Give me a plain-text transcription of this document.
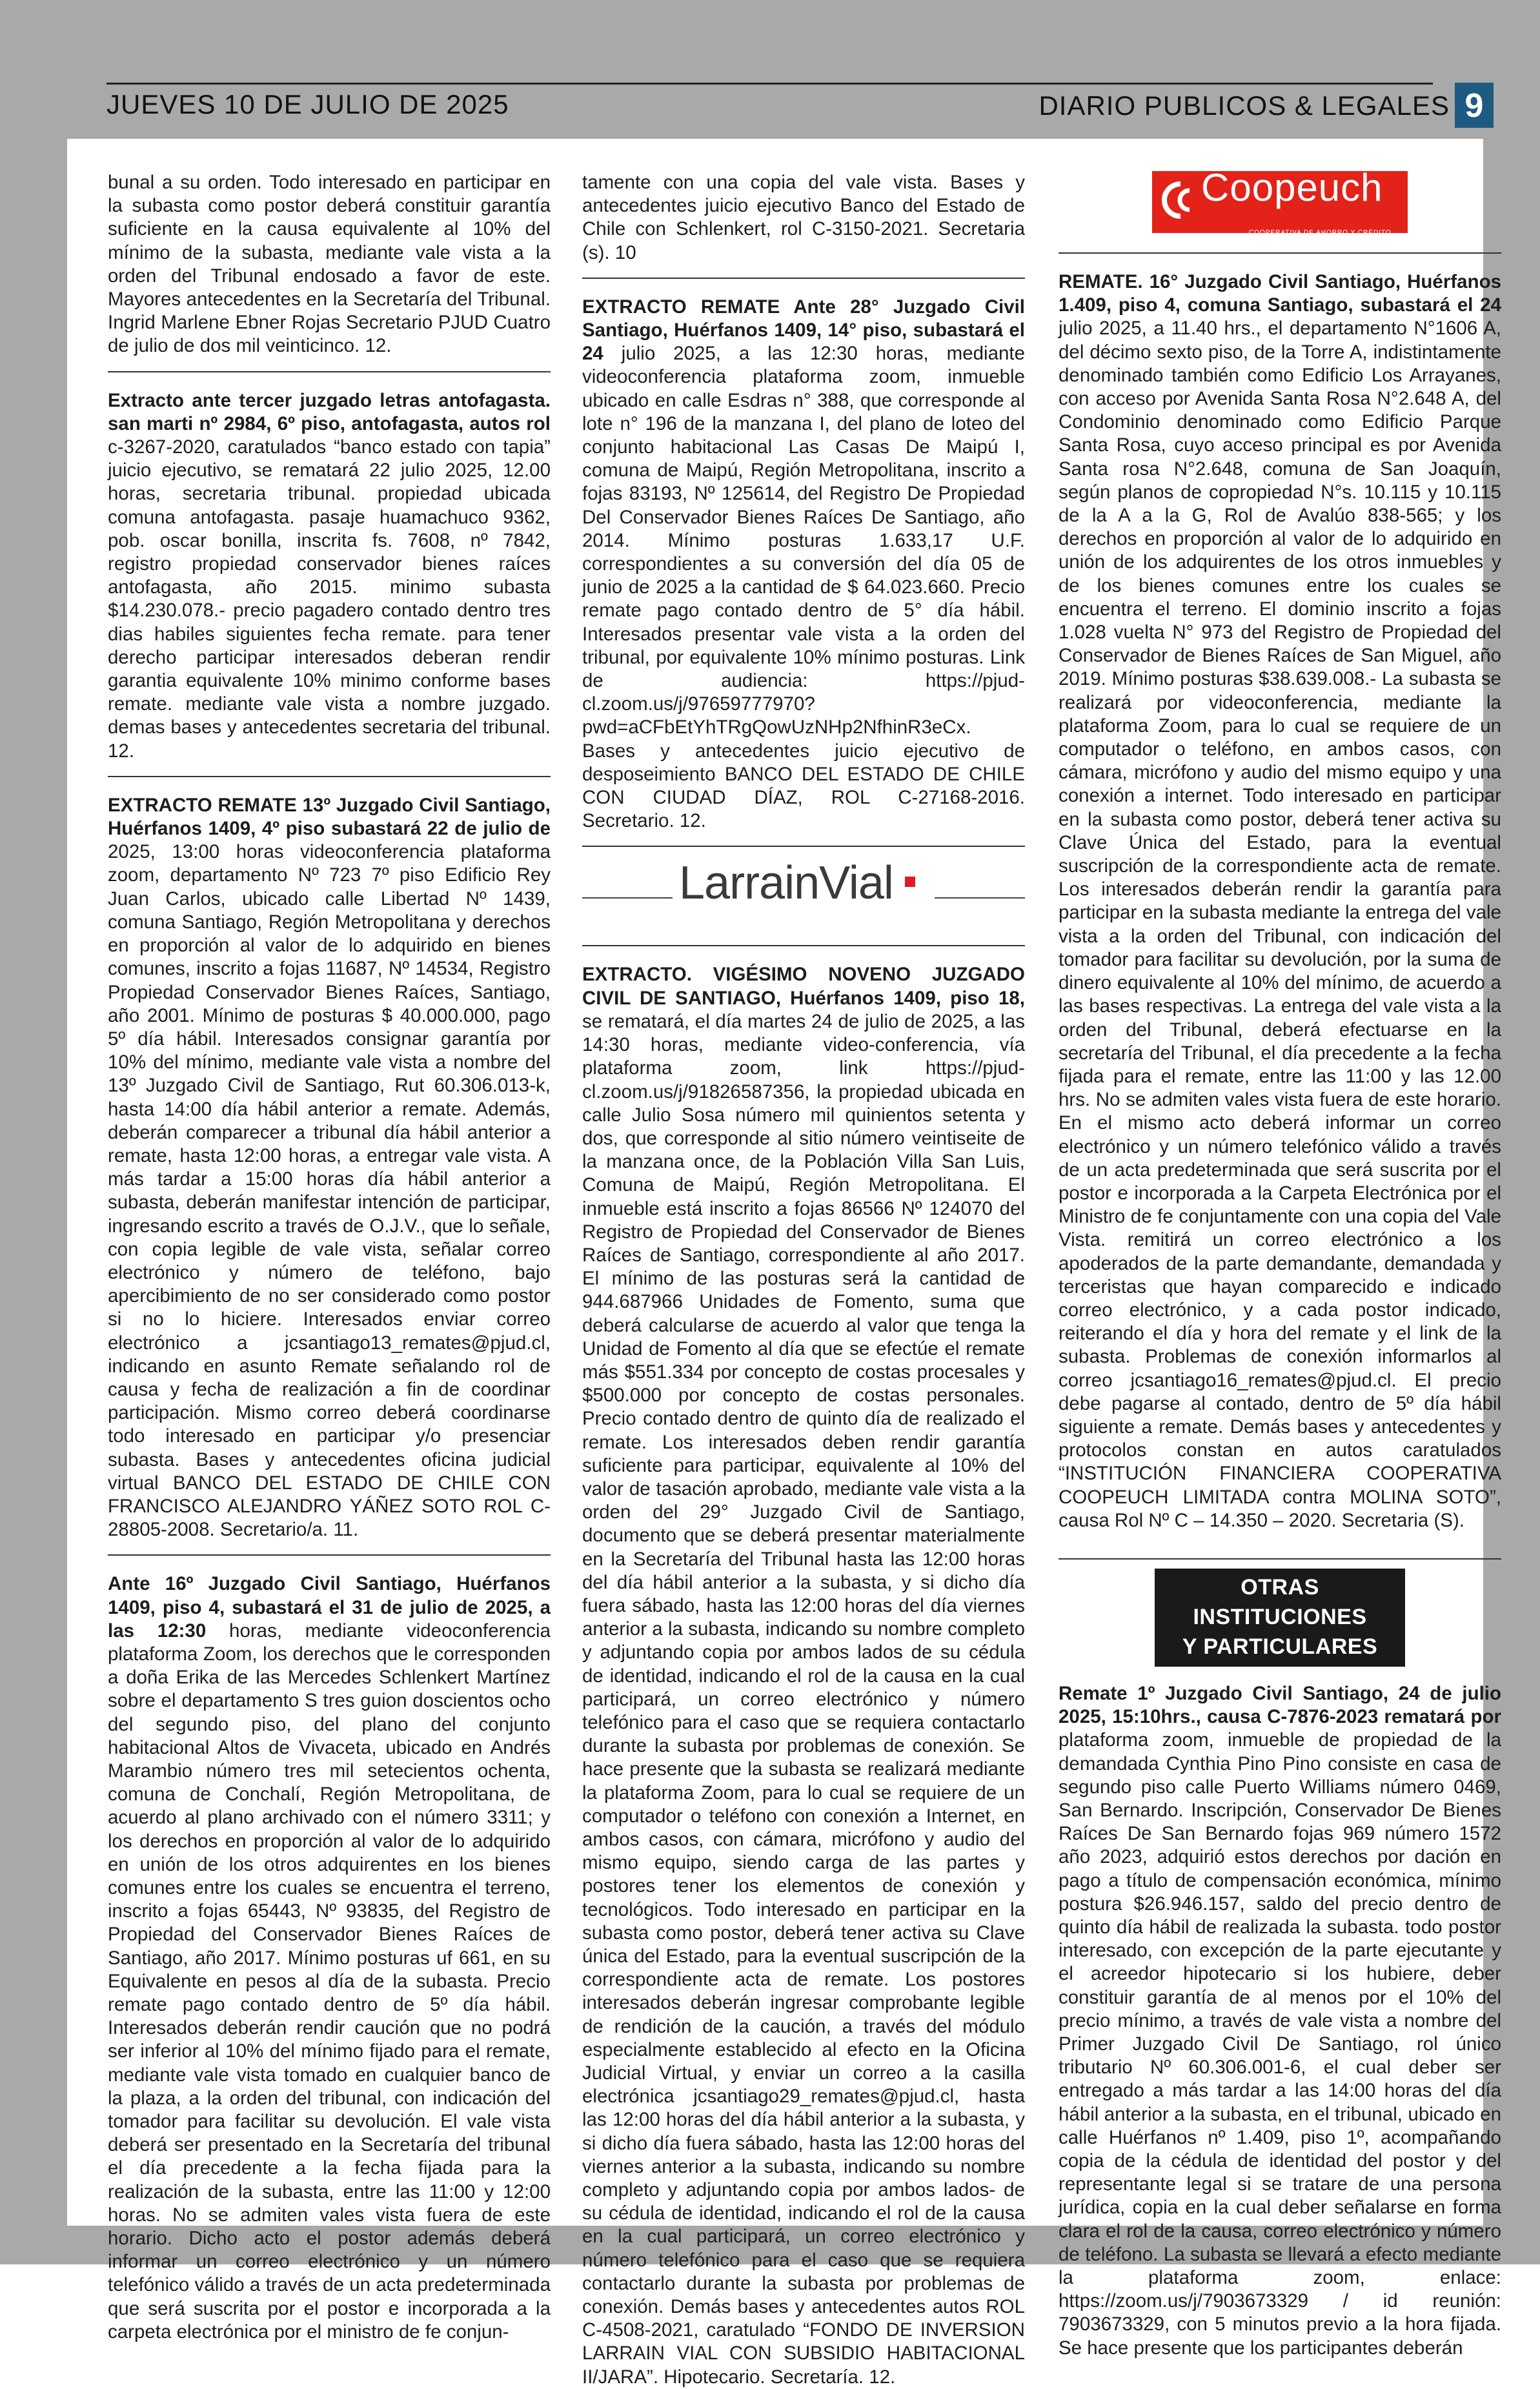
JUEVES 10 DE JULIO DE 2025	DIARIO PUBLICOS & LEGALES 9

bunal a su orden. Todo interesado en participar en la subasta como postor deberá constituir garantía suficiente en la causa equivalente al 10% del mínimo de la subasta, mediante vale vista a la orden del Tribunal endosado a favor de este. Mayores antecedentes en la Secretaría del Tribunal. Ingrid Marlene Ebner Rojas Secretario PJUD Cuatro de julio de dos mil veinticinco. 12.

Extracto ante tercer juzgado letras antofagasta. san marti nº 2984, 6º piso, antofagasta, autos rol c-3267-2020, caratulados “banco estado con tapia” juicio ejecutivo, se rematará 22 julio 2025, 12.00 horas, secretaria tribunal. propiedad ubicada comuna antofagasta. pasaje huamachuco 9362, pob. oscar bonilla, inscrita fs. 7608, nº 7842, registro propiedad conservador bienes raíces antofagasta, año 2015. minimo subasta $14.230.078.- precio pagadero contado dentro tres dias habiles siguientes fecha remate. para tener derecho participar interesados deberan rendir garantia equivalente 10% minimo conforme bases remate. mediante vale vista a nombre juzgado. demas bases y antecedentes secretaria del tribunal. 12.

EXTRACTO REMATE 13º Juzgado Civil Santiago, Huérfanos 1409, 4º piso subastará 22 de julio de 2025, 13:00 horas videoconferencia plataforma zoom, departamento Nº 723 7º piso Edificio Rey Juan Carlos, ubicado calle Libertad Nº 1439, comuna Santiago, Región Metropolitana y derechos en proporción al valor de lo adquirido en bienes comunes, inscrito a fojas 11687, Nº 14534, Registro Propiedad Conservador Bienes Raíces, Santiago, año 2001. Mínimo de posturas $ 40.000.000, pago 5º día hábil. Interesados consignar garantía por 10% del mínimo, mediante vale vista a nombre del 13º Juzgado Civil de Santiago, Rut 60.306.013-k, hasta 14:00 día hábil anterior a remate. Además, deberán comparecer a tribunal día hábil anterior a remate, hasta 12:00 horas, a entregar vale vista. A más tardar a 15:00 horas día hábil anterior a subasta, deberán manifestar intención de participar, ingresando escrito a través de O.J.V., que lo señale, con copia legible de vale vista, señalar correo electrónico y número de teléfono, bajo apercibimiento de no ser considerado como postor si no lo hiciere. Interesados enviar correo electrónico a jcsantiago13_remates@pjud.cl, indicando en asunto Remate señalando rol de causa y fecha de realización a fin de coordinar participación. Mismo correo deberá coordinarse todo interesado en participar y/o presenciar subasta. Bases y antecedentes oficina judicial virtual BANCO DEL ESTADO DE CHILE CON FRANCISCO ALEJANDRO YÁÑEZ SOTO ROL C-28805-2008. Secretario/a. 11.

Ante 16º Juzgado Civil Santiago, Huérfanos 1409, piso 4, subastará el 31 de julio de 2025, a las 12:30 horas, mediante videoconferencia plataforma Zoom, los derechos que le corresponden a doña Erika de las Mercedes Schlenkert Martínez sobre el departamento S tres guion doscientos ocho del segundo piso, del plano del conjunto habitacional Altos de Vivaceta, ubicado en Andrés Marambio número tres mil setecientos ochenta, comuna de Conchalí, Región Metropolitana, de acuerdo al plano archivado con el número 3311; y los derechos en proporción al valor de lo adquirido en unión de los otros adquirentes en los bienes comunes entre los cuales se encuentra el terreno, inscrito a fojas 65443, Nº 93835, del Registro de Propiedad del Conservador Bienes Raíces de Santiago, año 2017. Mínimo posturas uf 661, en su Equivalente en pesos al día de la subasta. Precio remate pago contado dentro de 5º día hábil. Interesados deberán rendir caución que no podrá ser inferior al 10% del mínimo fijado para el remate, mediante vale vista tomado en cualquier banco de la plaza, a la orden del tribunal, con indicación del tomador para facilitar su devolución. El vale vista deberá ser presentado en la Secretaría del tribunal el día precedente a la fecha fijada para la realización de la subasta, entre las 11:00 y 12:00 horas. No se admiten vales vista fuera de este horario. Dicho acto el postor además deberá informar un correo electrónico y un número telefónico válido a través de un acta predeterminada que será suscrita por el postor e incorporada a la carpeta electrónica por el ministro de fe conjun-

tamente con una copia del vale vista. Bases y antecedentes juicio ejecutivo Banco del Estado de Chile con Schlenkert, rol C-3150-2021. Secretaria (s). 10

EXTRACTO REMATE Ante 28° Juzgado Civil Santiago, Huérfanos 1409, 14° piso, subastará el 24 julio 2025, a las 12:30 horas, mediante videoconferencia plataforma zoom, inmueble ubicado en calle Esdras n° 388, que corresponde al lote n° 196 de la manzana I, del plano de loteo del conjunto habitacional Las Casas De Maipú I, comuna de Maipú, Región Metropolitana, inscrito a fojas 83193, Nº 125614, del Registro De Propiedad Del Conservador Bienes Raíces De Santiago, año 2014. Mínimo posturas 1.633,17 U.F. correspondientes a su conversión del día 05 de junio de 2025 a la cantidad de $ 64.023.660. Precio remate pago contado dentro de 5° día hábil. Interesados presentar vale vista a la orden del tribunal, por equivalente 10% mínimo posturas. Link de audiencia: https://pjud-cl.zoom.us/j/97659777970?pwd=aCFbEtYhTRgQowUzNHp2NfhinR3eCx. Bases y antecedentes juicio ejecutivo de desposeimiento BANCO DEL ESTADO DE CHILE CON CIUDAD DÍAZ, ROL C-27168-2016. Secretario. 12.

LarrainVial

EXTRACTO. VIGÉSIMO NOVENO JUZGADO CIVIL DE SANTIAGO, Huérfanos 1409, piso 18, se rematará, el día martes 24 de julio de 2025, a las 14:30 horas, mediante video-conferencia, vía plataforma zoom, link https://pjud-cl.zoom.us/j/91826587356, la propiedad ubicada en calle Julio Sosa número mil quinientos setenta y dos, que corresponde al sitio número veintiseite de la manzana once, de la Población Villa San Luis, Comuna de Maipú, Región Metropolitana. El inmueble está inscrito a fojas 86566 Nº 124070 del Registro de Propiedad del Conservador de Bienes Raíces de Santiago, correspondiente al año 2017. El mínimo de las posturas será la cantidad de 944.687966 Unidades de Fomento, suma que deberá calcularse de acuerdo al valor que tenga la Unidad de Fomento al día que se efectúe el remate más $551.334 por concepto de costas procesales y $500.000 por concepto de costas personales. Precio contado dentro de quinto día de realizado el remate. Los interesados deben rendir garantía suficiente para participar, equivalente al 10% del valor de tasación aprobado, mediante vale vista a la orden del 29° Juzgado Civil de Santiago, documento que se deberá presentar materialmente en la Secretaría del Tribunal hasta las 12:00 horas del día hábil anterior a la subasta, y si dicho día fuera sábado, hasta las 12:00 horas del día viernes anterior a la subasta, indicando su nombre completo y adjuntando copia por ambos lados de su cédula de identidad, indicando el rol de la causa en la cual participará, un correo electrónico y número telefónico para el caso que se requiera contactarlo durante la subasta por problemas de conexión. Se hace presente que la subasta se realizará mediante la plataforma Zoom, para lo cual se requiere de un computador o teléfono con conexión a Internet, en ambos casos, con cámara, micrófono y audio del mismo equipo, siendo carga de las partes y postores tener los elementos de conexión y tecnológicos. Todo interesado en participar en la subasta como postor, deberá tener activa su Clave única del Estado, para la eventual suscripción de la correspondiente acta de remate. Los postores interesados deberán ingresar comprobante legible de rendición de la caución, a través del módulo especialmente establecido al efecto en la Oficina Judicial Virtual, y enviar un correo a la casilla electrónica jcsantiago29_remates@pjud.cl, hasta las 12:00 horas del día hábil anterior a la subasta, y si dicho día fuera sábado, hasta las 12:00 horas del viernes anterior a la subasta, indicando su nombre completo y adjuntando copia por ambos lados- de su cédula de identidad, indicando el rol de la causa en la cual participará, un correo electrónico y número telefónico para el caso que se requiera contactarlo durante la subasta por problemas de conexión. Demás bases y antecedentes autos ROL C-4508-2021, caratulado “FONDO DE INVERSION LARRAIN VIAL CON SUBSIDIO HABITACIONAL II/JARA”. Hipotecario. Secretaría. 12.

Coopeuch
COOPERATIVA DE AHORRO Y CRÉDITO

REMATE. 16° Juzgado Civil Santiago, Huérfanos 1.409, piso 4, comuna Santiago, subastará el 24 julio 2025, a 11.40 hrs., el departamento N°1606 A, del décimo sexto piso, de la Torre A, indistintamente denominado también como Edificio Los Arrayanes, con acceso por Avenida Santa Rosa N°2.648 A, del Condominio denominado como Edificio Parque Santa Rosa, cuyo acceso principal es por Avenida Santa rosa N°2.648, comuna de San Joaquín, según planos de copropiedad N°s. 10.115 y 10.115 de la A a la G, Rol de Avalúo 838-565; y los derechos en proporción al valor de lo adquirido en unión de los adquirentes de los otros inmuebles y de los bienes comunes entre los cuales se encuentra el terreno. El dominio inscrito a fojas 1.028 vuelta N° 973 del Registro de Propiedad del Conservador de Bienes Raíces de San Miguel, año 2019. Mínimo posturas $38.639.008.- La subasta se realizará por videoconferencia, mediante la plataforma Zoom, para lo cual se requiere de un computador o teléfono, en ambos casos, con cámara, micrófono y audio del mismo equipo y una conexión a internet. Todo interesado en participar en la subasta como postor, deberá tener activa su Clave Única del Estado, para la eventual suscripción de la correspondiente acta de remate. Los interesados deberán rendir la garantía para participar en la subasta mediante la entrega del vale vista a la orden del Tribunal, con indicación del tomador para facilitar su devolución, por la suma de dinero equivalente al 10% del mínimo, de acuerdo a las bases respectivas. La entrega del vale vista a la orden del Tribunal, deberá efectuarse en la secretaría del Tribunal, el día precedente a la fecha fijada para el remate, entre las 11:00 y las 12.00 hrs. No se admiten vales vista fuera de este horario. En el mismo acto deberá informar un correo electrónico y un número telefónico válido a través de un acta predeterminada que será suscrita por el postor e incorporada a la Carpeta Electrónica por el Ministro de fe conjuntamente con una copia del Vale Vista. remitirá un correo electrónico a los apoderados de la parte demandante, demandada y terceristas que hayan comparecido e indicado correo electrónico, y a cada postor indicado, reiterando el día y hora del remate y el link de la subasta. Problemas de conexión informarlos al correo jcsantiago16_remates@pjud.cl. El precio debe pagarse al contado, dentro de 5º día hábil siguiente a remate. Demás bases y antecedentes y protocolos constan en autos caratulados “INSTITUCIÓN FINANCIERA COOPERATIVA COOPEUCH LIMITADA contra MOLINA SOTO”, causa Rol Nº C – 14.350 – 2020. Secretaria (S).

OTRAS INSTITUCIONES
Y PARTICULARES

Remate 1º Juzgado Civil Santiago, 24 de julio 2025, 15:10hrs., causa C-7876-2023 rematará por plataforma zoom, inmueble de propiedad de la demandada Cynthia Pino Pino consiste en casa de segundo piso calle Puerto Williams número 0469, San Bernardo. Inscripción, Conservador De Bienes Raíces De San Bernardo fojas 969 número 1572 año 2023, adquirió estos derechos por dación en pago a título de compensación económica, mínimo postura $26.946.157, saldo del precio dentro de quinto día hábil de realizada la subasta. todo postor interesado, con excepción de la parte ejecutante y el acreedor hipotecario si los hubiere, deber constituir garantía de al menos por el 10% del precio mínimo, a través de vale vista a nombre del Primer Juzgado Civil De Santiago, rol único tributario Nº 60.306.001-6, el cual deber ser entregado a más tardar a las 14:00 horas del día hábil anterior a la subasta, en el tribunal, ubicado en calle Huérfanos nº 1.409, piso 1º, acompañando copia de la cédula de identidad del postor y del representante legal si se tratare de una persona jurídica, copia en la cual deber señalarse en forma clara el rol de la causa, correo electrónico y número de teléfono. La subasta se llevará a efecto mediante la plataforma zoom, enlace: https://zoom.us/j/7903673329 / id reunión: 7903673329, con 5 minutos previo a la hora fijada. Se hace presente que los participantes deberán
